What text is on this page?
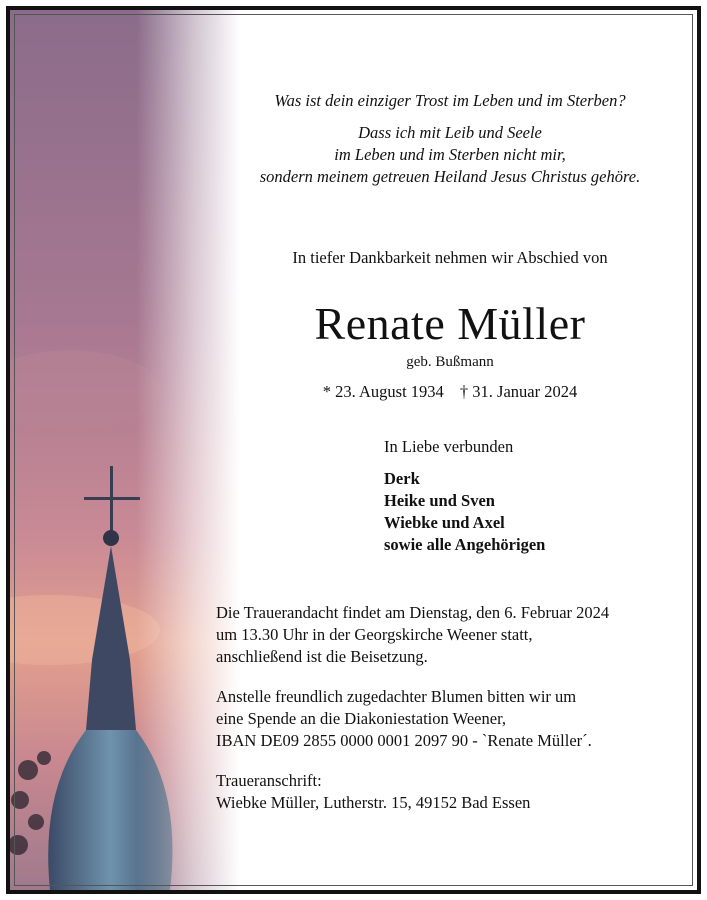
Was ist dein einziger Trost im Leben und im Sterben?

Dass ich mit Leib und Seele
im Leben und im Sterben nicht mir,
sondern meinem getreuen Heiland Jesus Christus gehöre.
In tiefer Dankbarkeit nehmen wir Abschied von
Renate Müller
geb. Bußmann
* 23. August 1934 † 31. Januar 2024
In Liebe verbunden
Derk
Heike und Sven
Wiebke und Axel
sowie alle Angehörigen
Die Trauerandacht findet am Dienstag, den 6. Februar 2024
um 13.30 Uhr in der Georgskirche Weener statt,
anschließend ist die Beisetzung.
Anstelle freundlich zugedachter Blumen bitten wir um
eine Spende an die Diakoniestation Weener,
IBAN DE09 2855 0000 0001 2097 90 - `Renate Müller´.
Traueranschrift:
Wiebke Müller, Lutherstr. 15, 49152 Bad Essen
